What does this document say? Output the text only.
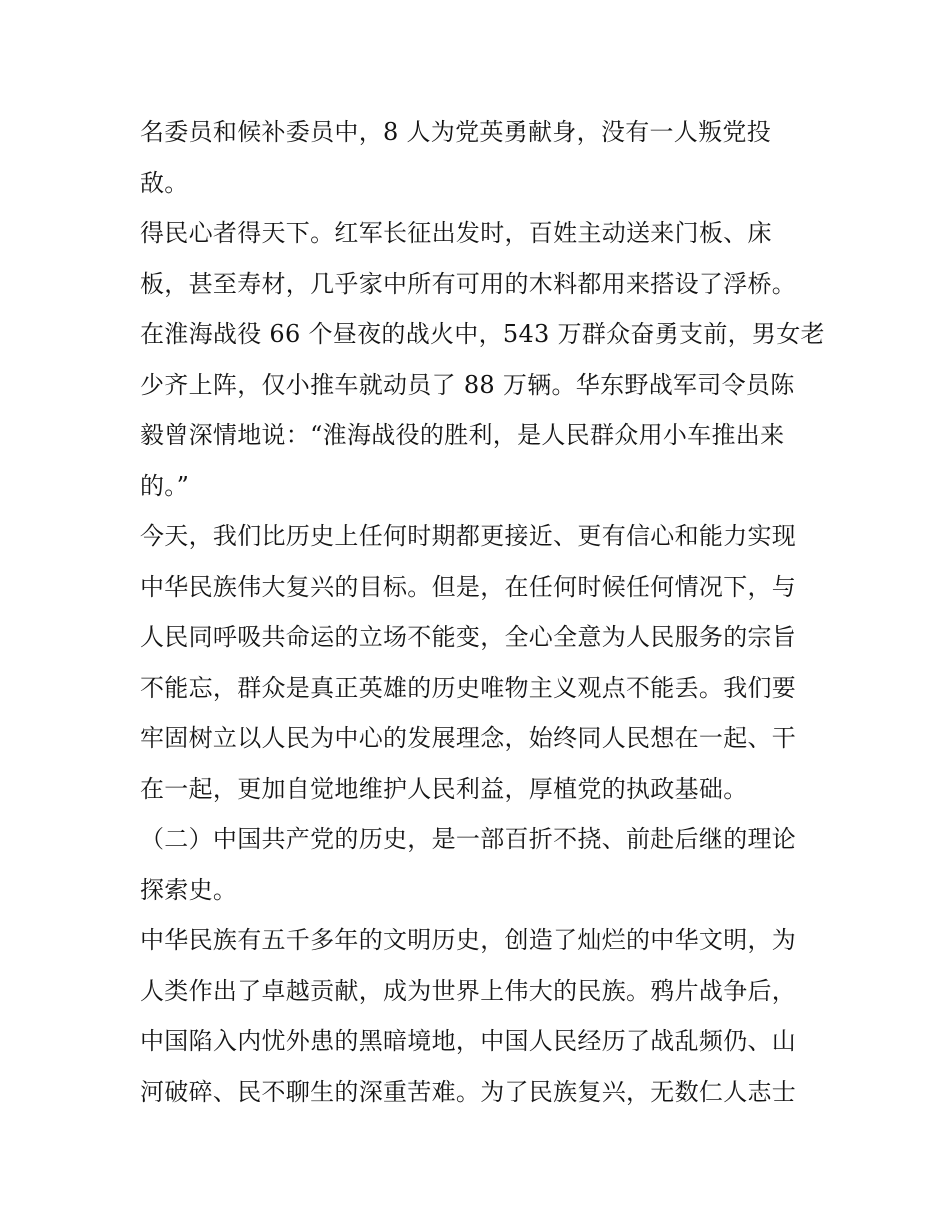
名委员和候补委员中，8 人为党英勇献身，没有一人叛党投
敌。
得民心者得天下。红军长征出发时，百姓主动送来门板、床
板，甚至寿材，几乎家中所有可用的木料都用来搭设了浮桥。
在淮海战役 66 个昼夜的战火中，543 万群众奋勇支前，男女老
少齐上阵，仅小推车就动员了 88 万辆。华东野战军司令员陈
毅曾深情地说：“淮海战役的胜利，是人民群众用小车推出来
的。”
今天，我们比历史上任何时期都更接近、更有信心和能力实现
中华民族伟大复兴的目标。但是，在任何时候任何情况下，与
人民同呼吸共命运的立场不能变，全心全意为人民服务的宗旨
不能忘，群众是真正英雄的历史唯物主义观点不能丢。我们要
牢固树立以人民为中心的发展理念，始终同人民想在一起、干
在一起，更加自觉地维护人民利益，厚植党的执政基础。
（二）中国共产党的历史，是一部百折不挠、前赴后继的理论
探索史。
中华民族有五千多年的文明历史，创造了灿烂的中华文明，为
人类作出了卓越贡献，成为世界上伟大的民族。鸦片战争后，
中国陷入内忧外患的黑暗境地，中国人民经历了战乱频仍、山
河破碎、民不聊生的深重苦难。为了民族复兴，无数仁人志士
